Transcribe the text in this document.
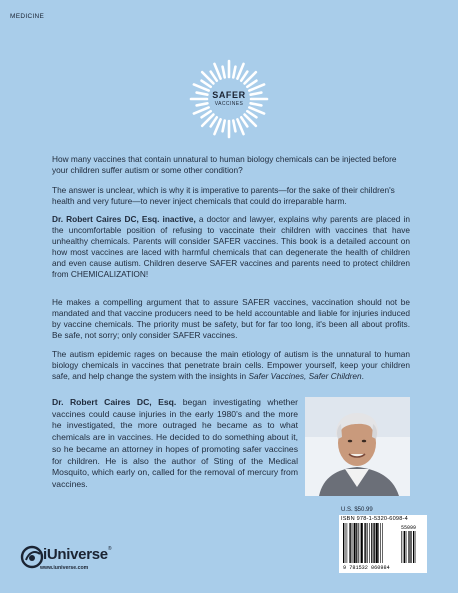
MEDICINE
SAFER
VACCINES

How many vaccines that contain unnatural to human biology chemicals can be injected before your children suffer autism or some other condition?

The answer is unclear, which is why it is imperative to parents—for the sake of their children's health and very future—to never inject chemicals that could do irreparable harm.

Dr. Robert Caires DC, Esq. inactive, a doctor and lawyer, explains why parents are placed in the uncomfortable position of refusing to vaccinate their children with vaccines that have unhealthy chemicals. Parents will consider SAFER vaccines. This book is a detailed account on how most vaccines are laced with harmful chemicals that can degenerate the health of children and even cause autism. Children deserve SAFER vaccines and parents need to protect children from CHEMICALIZATION!

He makes a compelling argument that to assure SAFER vaccines, vaccination should not be mandated and that vaccine producers need to be held accountable and liable for injuries induced by vaccine chemicals. The priority must be safety, but for far too long, it's been all about profits. Be safe, not sorry; only consider SAFER vaccines.

The autism epidemic rages on because the main etiology of autism is the unnatural to human biology chemicals in vaccines that penetrate brain cells. Empower yourself, keep your children safe, and help change the system with the insights in Safer Vaccines, Safer Children.

Dr. Robert Caires DC, Esq. began investigating whether vaccines could cause injuries in the early 1980's and the more he investigated, the more outraged he became as to what chemicals are in vaccines. He decided to do something about it, so he became an attorney in hopes of promoting safer vaccines for children. He is also the author of Sting of the Medical Mosquito, which early on, called for the removal of mercury from vaccines.
U.S. $50.99
ISBN 978-1-5320-6098-4
9 781532 060984
55099
iUniverse®
www.iuniverse.com
